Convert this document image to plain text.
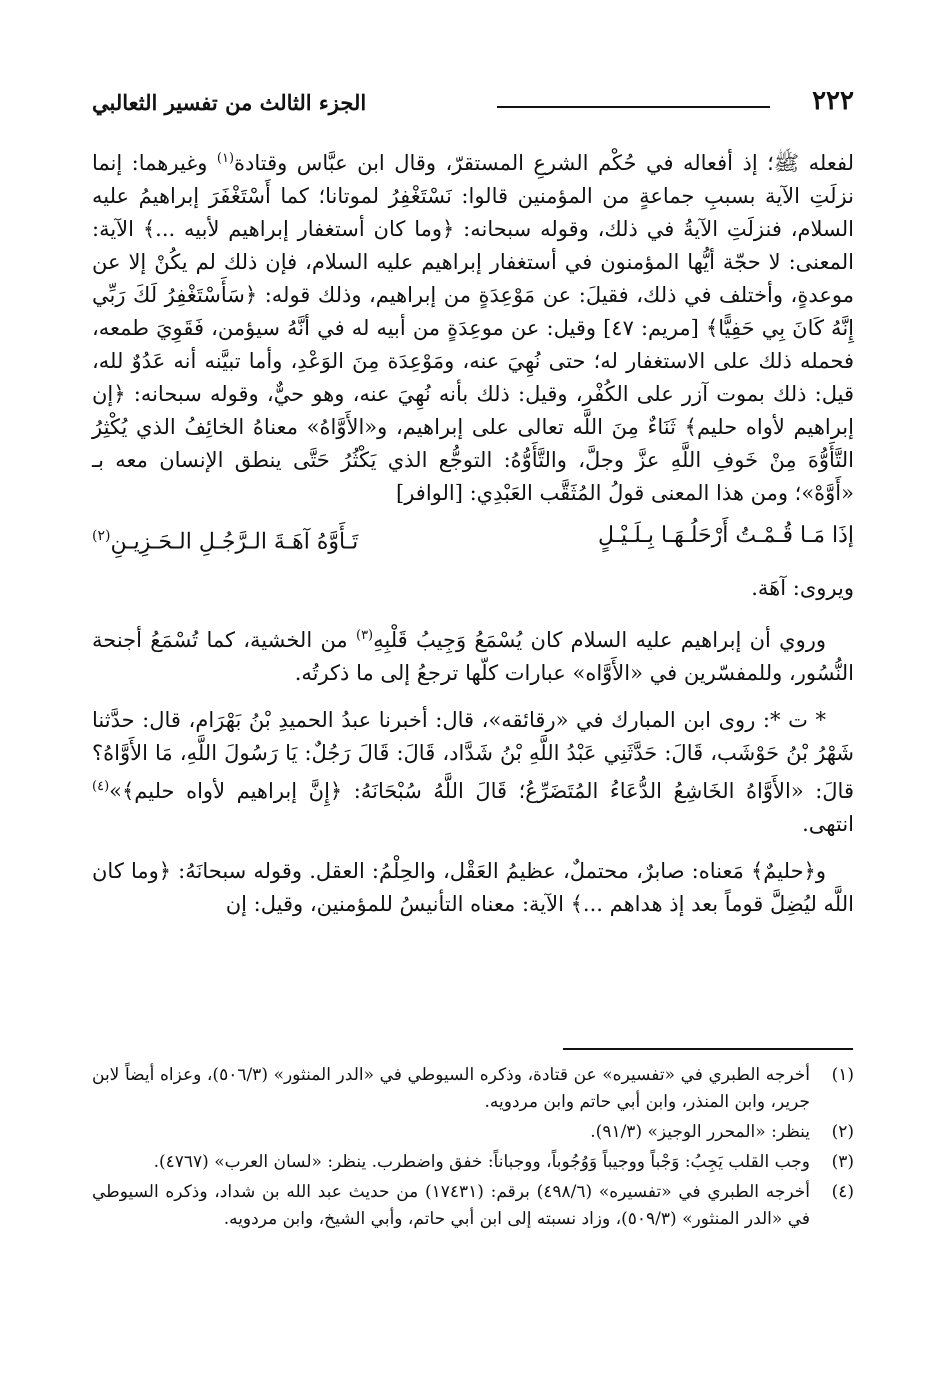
٢٢٢
الجزء الثالث من تفسير الثعالبي

لفعله ﷺ؛ إذ أفعاله في حُكْم الشرعِ المستقرّ، وقال ابن عبَّاس وقتادة$^{(١)}$ وغيرهما: إنما نزلَتِ الآية بسببِ جماعةٍ من المؤمنين قالوا: نَسْتَغْفِرُ لموتانا؛ كما أَسْتَغْفَرَ إبراهيمُ عليه السلام، فنزلَتِ الآيةُ في ذلك، وقوله سبحانه: ﴿وما كان أستغفار إبراهيم لأبيه ...﴾ الآية: المعنى: لا حجّة أيُّها المؤمنون في أستغفار إبراهيم عليه السلام، فإن ذلك لم يكُنْ إلا عن موعدةٍ، وأختلف في ذلك، فقيلَ: عن مَوْعِدَةٍ من إبراهيم، وذلك قوله: ﴿سَأَسْتَغْفِرُ لَكَ رَبِّي إِنَّهُ كَانَ بِي حَفِيًّا﴾ [مريم: ٤٧] وقيل: عن موعِدَةٍ من أبيه له في أنَّهُ سيؤمن، فَقَوِيَ طمعه، فحمله ذلك على الاستغفار له؛ حتى نُهِيَ عنه، ومَوْعِدَة مِنَ الوَعْدِ، وأما تبيَّنه أنه عَدُوٌ لله، قيل: ذلك بموت آزر على الكُفْر، وقيل: ذلك بأنه نُهِيَ عنه، وهو حيٌّ، وقوله سبحانه: ﴿إن إبراهيم لأواه حليم﴾ ثَنَاءٌ مِنَ اللَّه تعالى على إبراهيم، و«الأَوَّاهُ» معناهُ الخائِفُ الذي يُكْثِرُ التَّأَوُّهَ مِنْ خَوفِ اللَّهِ عزَّ وجلَّ، والتَّأَوُّهُ: التوجُّع الذي يَكْثُرُ حَتَّى ينطق الإنسان معه بـ «أَوَّهْ»؛ ومن هذا المعنى قولُ المُثَقَّب العَبْدِي: [الوافر]

إذَا مَـا قُـمْـتُ أَرْحَلُـهَـا بِـلَـيْـلٍ
تَـأَوَّهُ آهَـةَ الـرَّجُـلِ الـحَـزِيـنِ$^{(٢)}$

ويروى: آهَة.

وروي أن إبراهيم عليه السلام كان يُسْمَعُ وَجِيبُ قَلْبِهِ$^{(٣)}$ من الخشية، كما تُسْمَعُ أجنحة النُّسُور، وللمفسّرين في «الأَوَّاه» عبارات كلّها ترجعُ إلى ما ذكرتُه.

* ت *: روى ابن المبارك في «رقائقه»، قال: أخبرنا عبدُ الحميدِ بْنُ بَهْرَام، قال: حدَّثنا شَهْرُ بْنُ حَوْشَب، قَالَ: حَدَّثَنِي عَبْدُ اللَّهِ بْنُ شَدَّاد، قَالَ: قَالَ رَجُلٌ: يَا رَسُولَ اللَّهِ، مَا الأَوَّاهُ؟ قالَ: «الأَوَّاهُ الخَاشِعُ الدُّعَاءُ المُتَضَرِّعُ؛ قَالَ اللَّهُ سُبْحَانَهُ: ﴿إِنَّ إبراهيم لأواه حليم﴾»$^{(٤)}$ انتهى.

و﴿حليمٌ﴾ مَعناه: صابرٌ، محتملٌ، عظيمُ العَقْل، والحِلْمُ: العقل. وقوله سبحانَهُ: ﴿وما كان اللَّه ليُضِلَّ قوماً بعد إذ هداهم ...﴾ الآية: معناه التأنيسُ للمؤمنين، وقيل: إن

(١)
أخرجه الطبري في «تفسيره» عن قتادة، وذكره السيوطي في «الدر المنثور» (٥٠٦/٣)، وعزاه أيضاً لابن جرير، وابن المنذر، وابن أبي حاتم وابن مردويه.
(٢)
ينظر: «المحرر الوجيز» (٩١/٣).
(٣)
وجب القلب يَجِبُ: وَجْباً ووجيباً وَوُجُوباً، ووجباناً: خفق واضطرب. ينظر: «لسان العرب» (٤٧٦٧).
(٤)
أخرجه الطبري في «تفسيره» (٤٩٨/٦) برقم: (١٧٤٣١) من حديث عبد الله بن شداد، وذكره السيوطي في «الدر المنثور» (٥٠٩/٣)، وزاد نسبته إلى ابن أبي حاتم، وأبي الشيخ، وابن مردويه.
